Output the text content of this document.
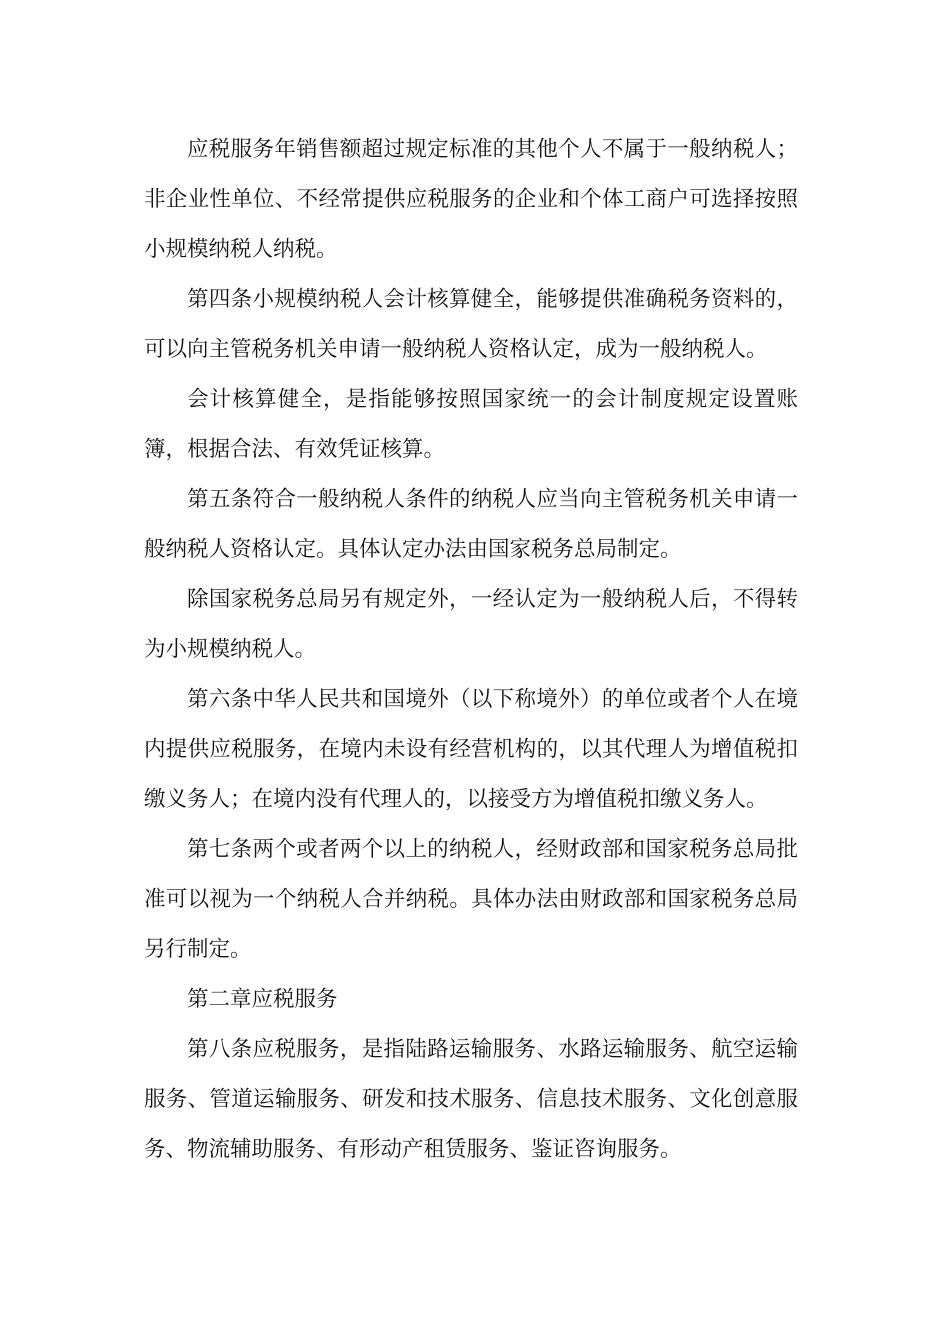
应税服务年销售额超过规定标准的其他个人不属于一般纳税人；非企业性单位、不经常提供应税服务的企业和个体工商户可选择按照小规模纳税人纳税。

第四条小规模纳税人会计核算健全，能够提供准确税务资料的，可以向主管税务机关申请一般纳税人资格认定，成为一般纳税人。

会计核算健全，是指能够按照国家统一的会计制度规定设置账簿，根据合法、有效凭证核算。

第五条符合一般纳税人条件的纳税人应当向主管税务机关申请一般纳税人资格认定。具体认定办法由国家税务总局制定。

除国家税务总局另有规定外，一经认定为一般纳税人后，不得转为小规模纳税人。

第六条中华人民共和国境外（以下称境外）的单位或者个人在境内提供应税服务，在境内未设有经营机构的，以其代理人为增值税扣缴义务人；在境内没有代理人的，以接受方为增值税扣缴义务人。

第七条两个或者两个以上的纳税人，经财政部和国家税务总局批准可以视为一个纳税人合并纳税。具体办法由财政部和国家税务总局另行制定。

第二章应税服务

第八条应税服务，是指陆路运输服务、水路运输服务、航空运输服务、管道运输服务、研发和技术服务、信息技术服务、文化创意服务、物流辅助服务、有形动产租赁服务、鉴证咨询服务。
